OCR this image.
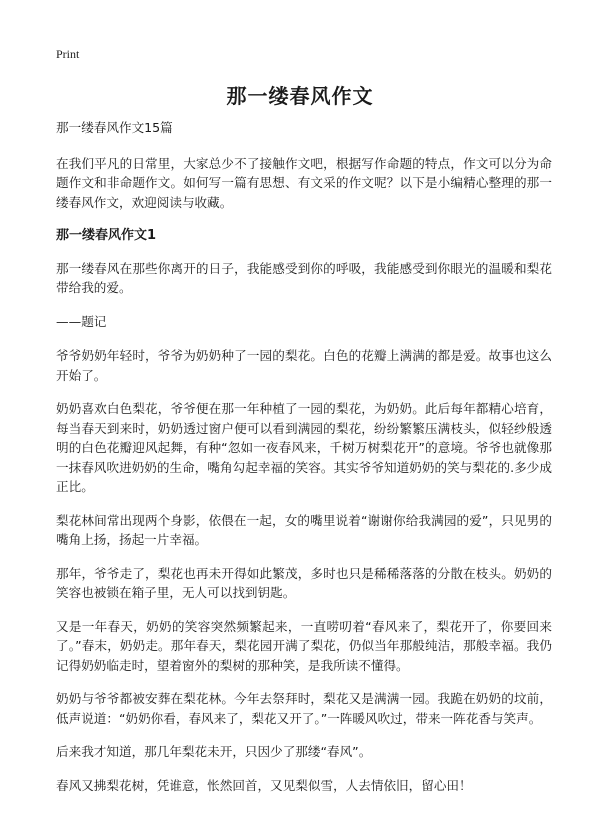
Print
那一缕春风作文

那一缕春风作文15篇

在我们平凡的日常里，大家总少不了接触作文吧，根据写作命题的特点，作文可以分为命题作文和非命题作文。如何写一篇有思想、有文采的作文呢？以下是小编精心整理的那一缕春风作文，欢迎阅读与收藏。

那一缕春风作文1

那一缕春风在那些你离开的日子，我能感受到你的呼吸，我能感受到你眼光的温暖和梨花带给我的爱。

——题记

爷爷奶奶年轻时，爷爷为奶奶种了一园的梨花。白色的花瓣上满满的都是爱。故事也这么开始了。

奶奶喜欢白色梨花，爷爷便在那一年种植了一园的梨花，为奶奶。此后每年都精心培育，每当春天到来时，奶奶透过窗户便可以看到满园的梨花，纷纷繁繁压满枝头，似轻纱般透明的白色花瓣迎风起舞，有种“忽如一夜春风来，千树万树梨花开”的意境。爷爷也就像那一抹春风吹进奶奶的生命，嘴角勾起幸福的笑容。其实爷爷知道奶奶的笑与梨花的.多少成正比。

梨花林间常出现两个身影，依偎在一起，女的嘴里说着“谢谢你给我满园的爱”，只见男的嘴角上扬，扬起一片幸福。

那年，爷爷走了，梨花也再未开得如此繁茂，多时也只是稀稀落落的分散在枝头。奶奶的笑容也被锁在箱子里，无人可以找到钥匙。

又是一年春天，奶奶的笑容突然频繁起来，一直唠叨着“春风来了，梨花开了，你要回来了。”春末，奶奶走。那年春天，梨花园开满了梨花，仍似当年那般纯洁，那般幸福。我仍记得奶奶临走时，望着窗外的梨树的那种笑，是我所读不懂得。

奶奶与爷爷都被安葬在梨花林。今年去祭拜时，梨花又是满满一园。我跪在奶奶的坟前，低声说道：“奶奶你看，春风来了，梨花又开了。”一阵暖风吹过，带来一阵花香与笑声。

后来我才知道，那几年梨花未开，只因少了那缕“春风”。

春风又拂梨花树，凭谁意，怅然回首，又见梨似雪，人去情依旧，留心田！
